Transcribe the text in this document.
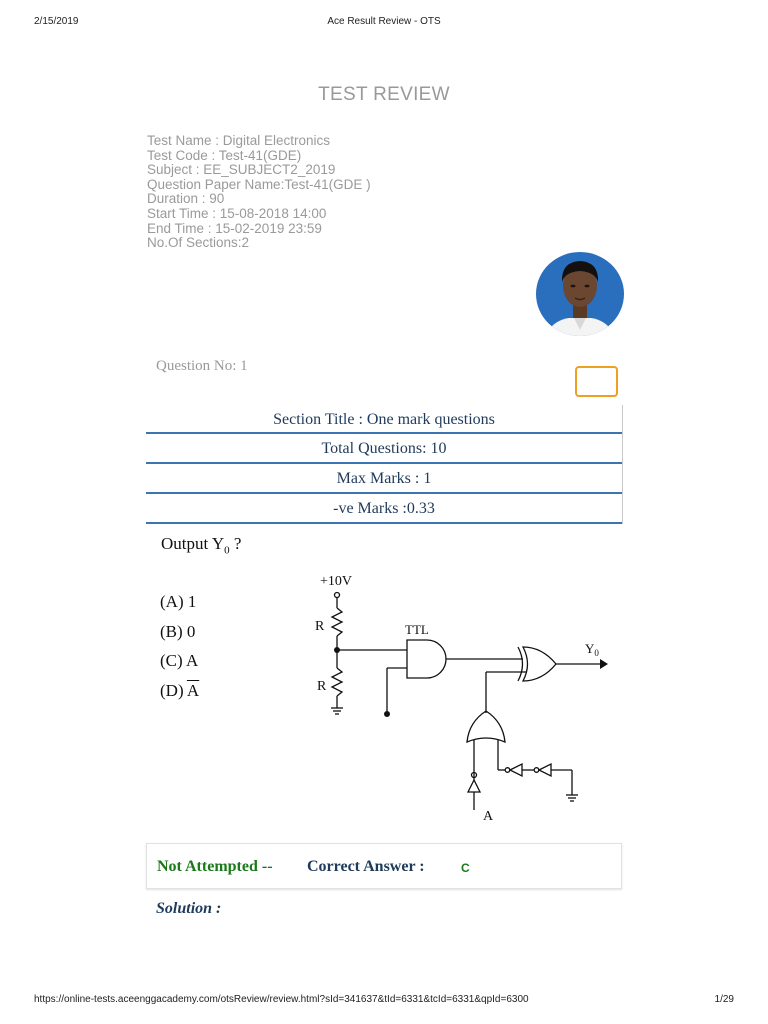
2/15/2019	Ace Result Review - OTS
TEST REVIEW
Test Name : Digital Electronics
Test Code : Test-41(GDE)
Subject : EE_SUBJECT2_2019
Question Paper Name:Test-41(GDE )
Duration : 90
Start Time : 15-08-2018 14:00
End Time : 15-02-2019 23:59
No.Of Sections:2
Question No: 1
Section Title : One mark questions
Total Questions: 10
Max Marks : 1
-ve Marks :0.33
Output $Y_0$ ?
(A) 1
(B) 0
(C) A
(D) $\overline{A}$
+10V
R
R
TTL
$Y_0$
A
Not Attempted -- Correct Answer :	C
Solution :
https://online-tests.aceenggacademy.com/otsReview/review.html?sId=341637&tId=6331&tcId=6331&qpId=6300	1/29
